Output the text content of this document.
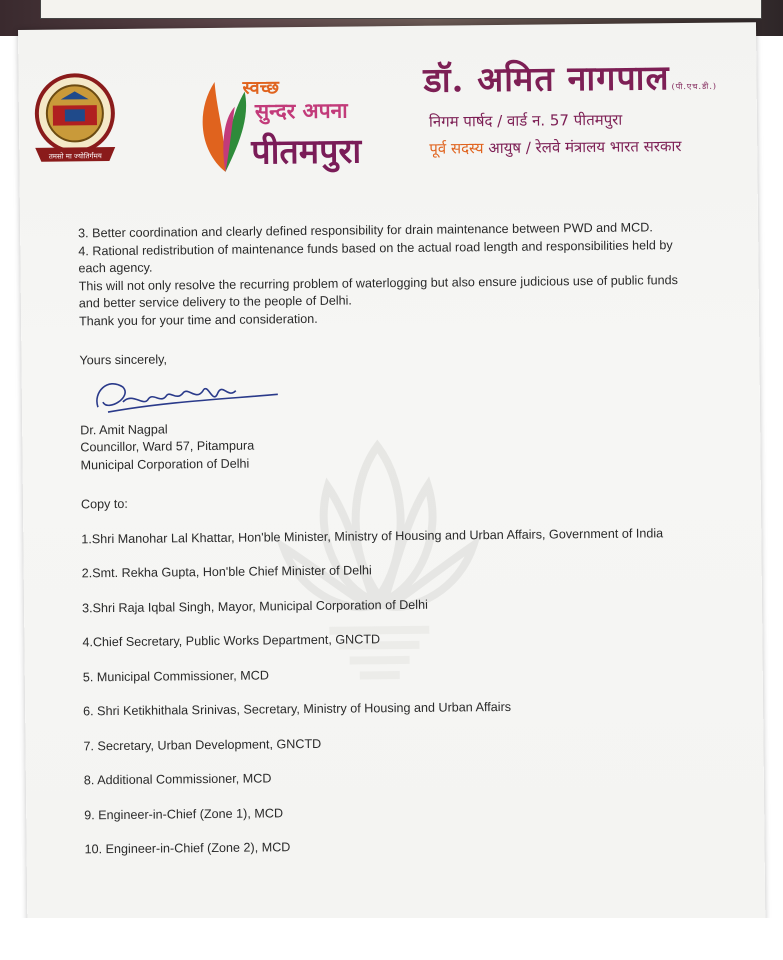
तमसो मा ज्योतिर्गमय
स्वच्छ
सुन्दर अपना
पीतमपुरा
डॉ. अमित नागपाल (पी.एच.डी.)
निगम पार्षद / वार्ड न. 57 पीतमपुरा
पूर्व सदस्य आयुष / रेलवे मंत्रालय भारत सरकार

3. Better coordination and clearly defined responsibility for drain maintenance between PWD and MCD.

4. Rational redistribution of maintenance funds based on the actual road length and responsibilities held by each agency.

This will not only resolve the recurring problem of waterlogging but also ensure judicious use of public funds and better service delivery to the people of Delhi.

Thank you for your time and consideration.

Yours sincerely,

Dr. Amit Nagpal

Councillor, Ward 57, Pitampura

Municipal Corporation of Delhi

Copy to:

1.Shri Manohar Lal Khattar, Hon'ble Minister, Ministry of Housing and Urban Affairs, Government of India
2.Smt. Rekha Gupta, Hon'ble Chief Minister of Delhi
3.Shri Raja Iqbal Singh, Mayor, Municipal Corporation of Delhi
4.Chief Secretary, Public Works Department, GNCTD
5. Municipal Commissioner, MCD
6. Shri Ketikhithala Srinivas, Secretary, Ministry of Housing and Urban Affairs
7. Secretary, Urban Development, GNCTD
8. Additional Commissioner, MCD
9. Engineer-in-Chief (Zone 1), MCD
10. Engineer-in-Chief (Zone 2), MCD
